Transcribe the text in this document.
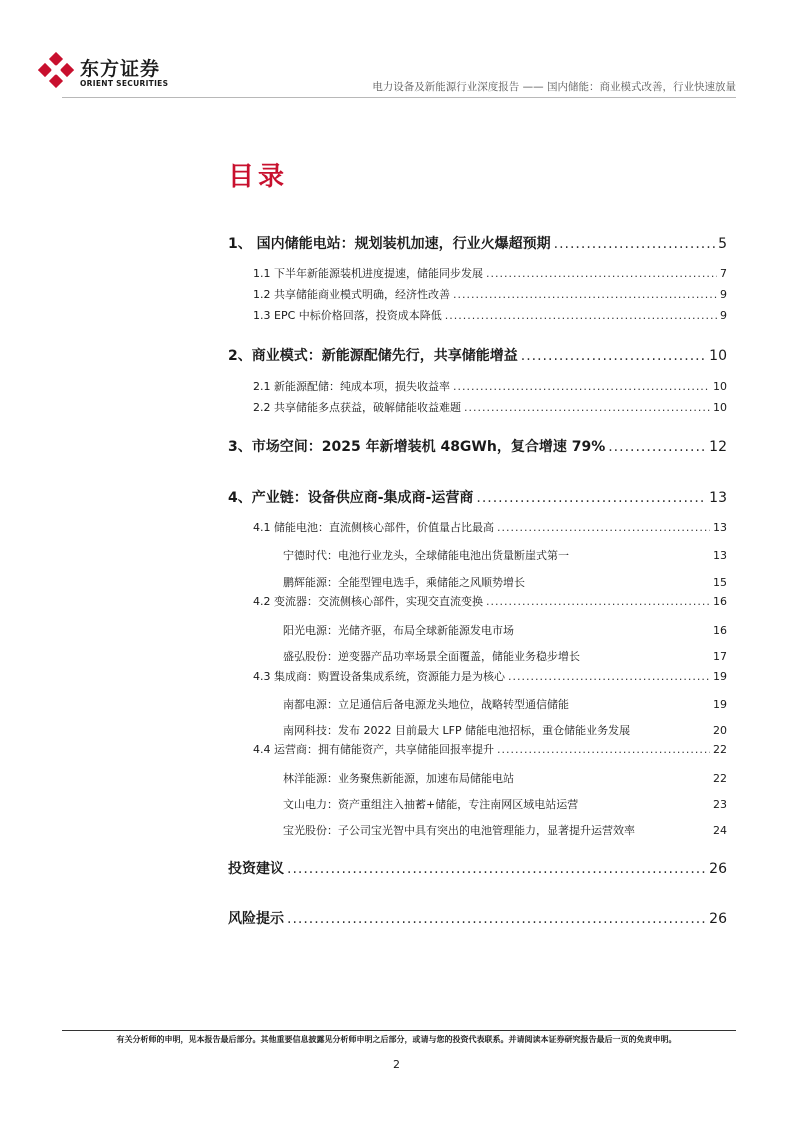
东方证券
ORIENT SECURITIES	电力设备及新能源行业深度报告 —— 国内储能：商业模式改善，行业快速放量
目录
1、 国内储能电站：规划装机加速，行业火爆超预期 .....	5
1.1 下半年新能源装机进度提速，储能同步发展 .....	7
1.2 共享储能商业模式明确，经济性改善 .....	9
1.3 EPC 中标价格回落，投资成本降低 .....	9
2、商业模式：新能源配储先行，共享储能增益 .....	10
2.1 新能源配储：纯成本项，损失收益率 .....	10
2.2 共享储能多点获益，破解储能收益难题 .....	10
3、市场空间：2025 年新增装机 48GWh，复合增速 79% .....	12
4、产业链：设备供应商-集成商-运营商 .....	13
4.1 储能电池：直流侧核心部件，价值量占比最高 .....	13
宁德时代：电池行业龙头，全球储能电池出货量断崖式第一	13
鹏辉能源：全能型锂电选手，乘储能之风顺势增长	15
4.2 变流器：交流侧核心部件，实现交直流变换 .....	16
阳光电源：光储齐驱，布局全球新能源发电市场	16
盛弘股份：逆变器产品功率场景全面覆盖，储能业务稳步增长	17
4.3 集成商：购置设备集成系统，资源能力是为核心 .....	19
南都电源：立足通信后备电源龙头地位，战略转型通信储能	19
南网科技：发布 2022 目前最大 LFP 储能电池招标，重仓储能业务发展	20
4.4 运营商：拥有储能资产，共享储能回报率提升 .....	22
林洋能源：业务聚焦新能源，加速布局储能电站	22
文山电力：资产重组注入抽蓄+储能，专注南网区域电站运营	23
宝光股份：子公司宝光智中具有突出的电池管理能力，显著提升运营效率	24
投资建议 .....	26
风险提示 .....	26
有关分析师的申明，见本报告最后部分。其他重要信息披露见分析师申明之后部分，或请与您的投资代表联系。并请阅读本证券研究报告最后一页的免责申明。
2
